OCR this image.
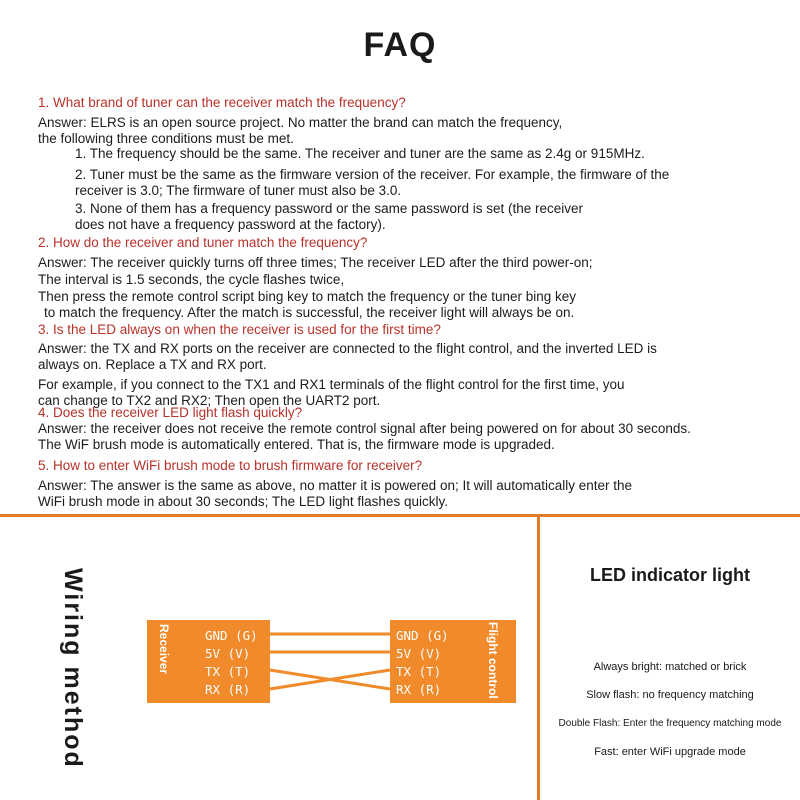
FAQ
1. What brand of tuner can the receiver match the frequency?
Answer: ELRS is an open source project. No matter the brand can match the frequency,
the following three conditions must be met.
1. The frequency should be the same. The receiver and tuner are the same as 2.4g or 915MHz.
2. Tuner must be the same as the firmware version of the receiver. For example, the firmware of the
receiver is 3.0; The firmware of tuner must also be 3.0.
3. None of them has a frequency password or the same password is set (the receiver
does not have a frequency password at the factory).
2. How do the receiver and tuner match the frequency?
Answer: The receiver quickly turns off three times; The receiver LED after the third power-on;
The interval is 1.5 seconds, the cycle flashes twice,
Then press the remote control script bing key to match the frequency or the tuner bing key
to match the frequency. After the match is successful, the receiver light will always be on.
3. Is the LED always on when the receiver is used for the first time?
Answer: the TX and RX ports on the receiver are connected to the flight control, and the inverted LED is
always on. Replace a TX and RX port.
For example, if you connect to the TX1 and RX1 terminals of the flight control for the first time, you
can change to TX2 and RX2; Then open the UART2 port.
4. Does the receiver LED light flash quickly?
Answer: the receiver does not receive the remote control signal after being powered on for about 30 seconds.
The WiF brush mode is automatically entered. That is, the firmware mode is upgraded.
5. How to enter WiFi brush mode to brush firmware for receiver?
Answer: The answer is the same as above, no matter it is powered on; It will automatically enter the
WiFi brush mode in about 30 seconds; The LED light flashes quickly.
Wiring method	Receiver	GND (G)
5V (V)
TX (T)
RX (R)
GND (G)
5V (V)
TX (T)
RX (R)	Flight control
LED indicator light
Always bright: matched or brick
Slow flash: no frequency matching
Double Flash: Enter the frequency matching mode
Fast: enter WiFi upgrade mode
